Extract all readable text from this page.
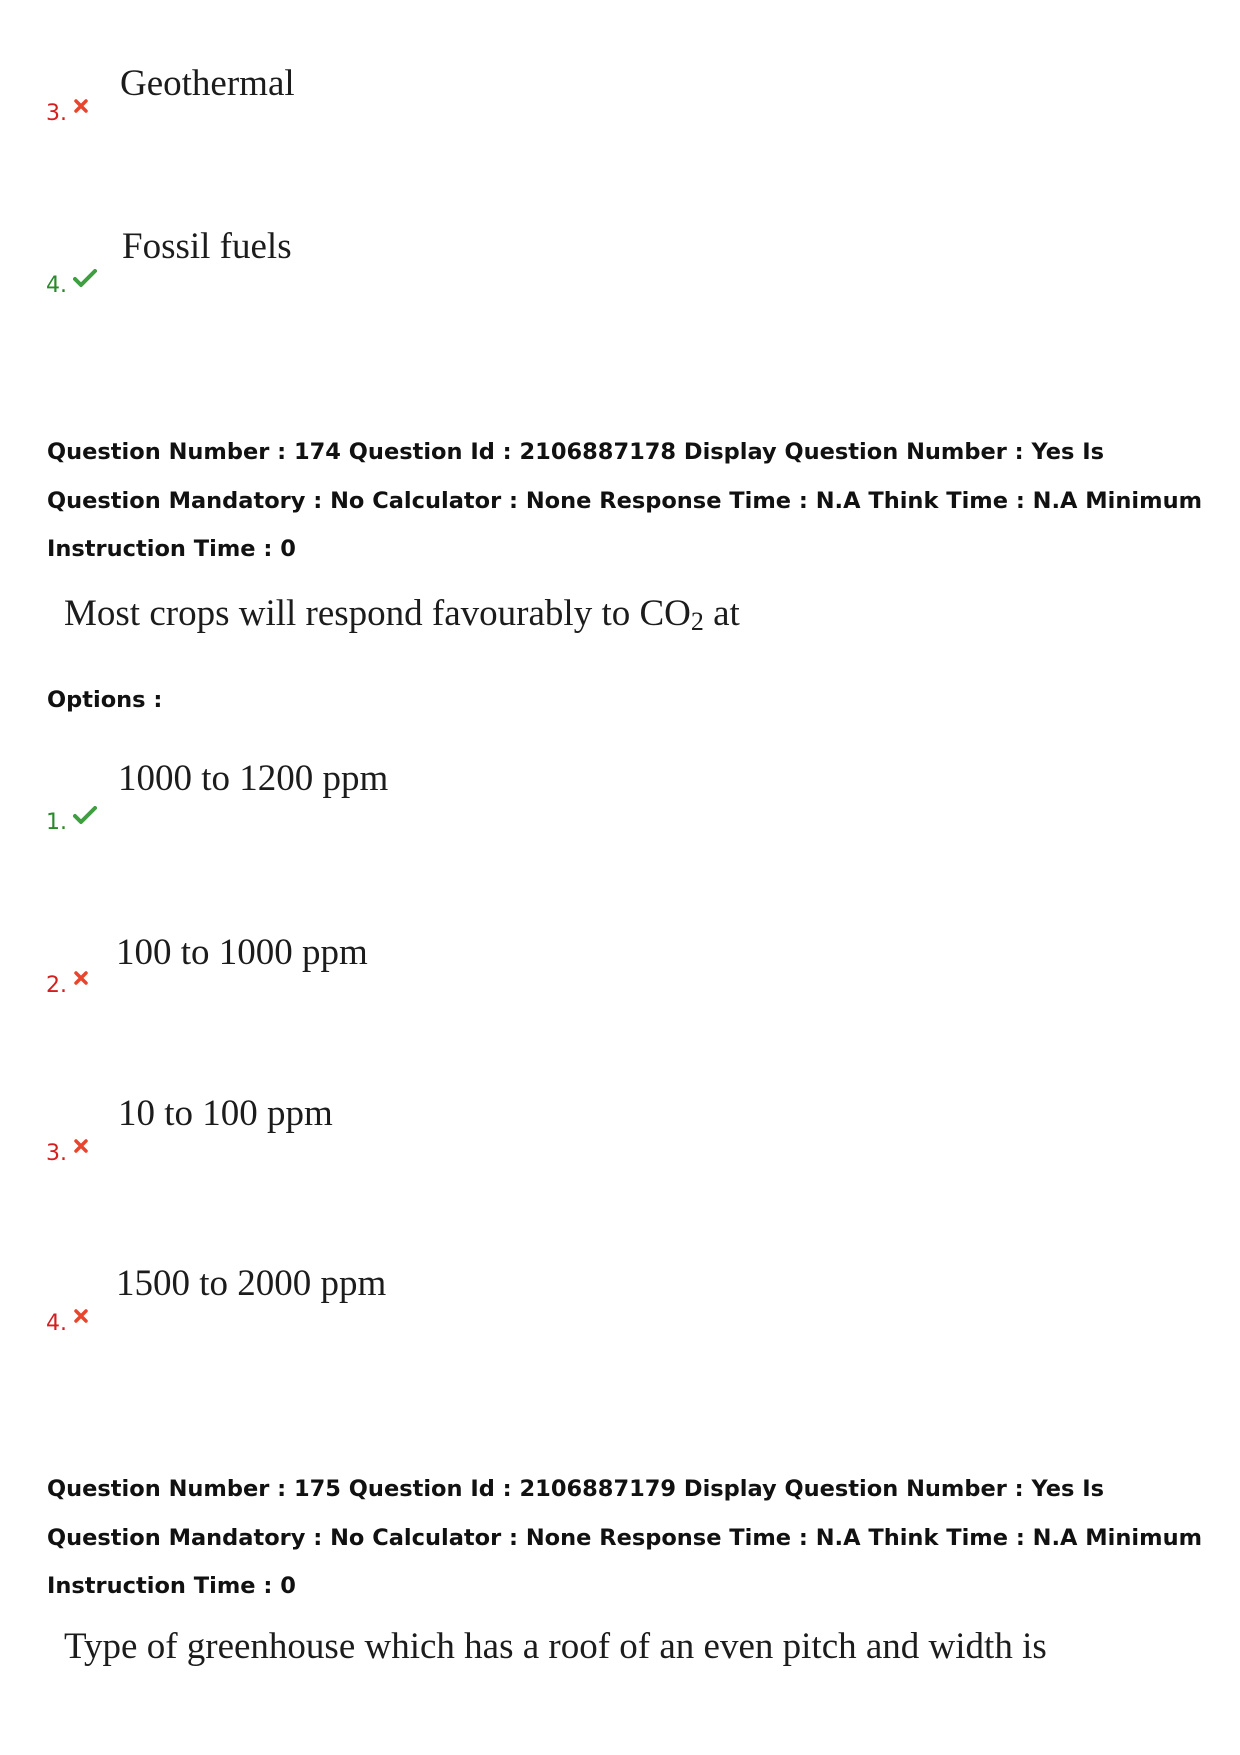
Geothermal
3.
Fossil fuels
4.
Question Number : 174 Question Id : 2106887178 Display Question Number : Yes Is Question Mandatory : No Calculator : None Response Time : N.A Think Time : N.A Minimum Instruction Time : 0
Most crops will respond favourably to $CO_2$ at
Options :
1000 to 1200 ppm
1.
100 to 1000 ppm
2.
10 to 100 ppm
3.
1500 to 2000 ppm
4.
Question Number : 175 Question Id : 2106887179 Display Question Number : Yes Is Question Mandatory : No Calculator : None Response Time : N.A Think Time : N.A Minimum Instruction Time : 0
Type of greenhouse which has a roof of an even pitch and width is
